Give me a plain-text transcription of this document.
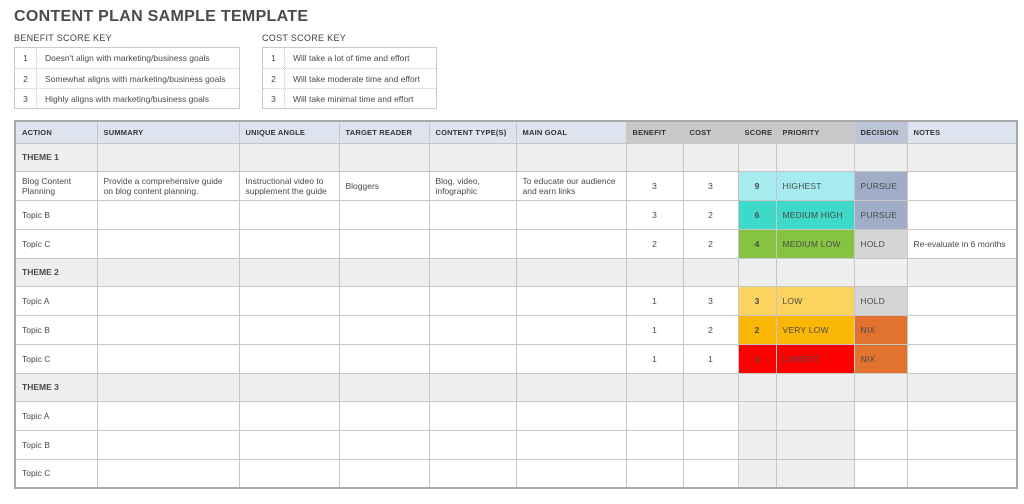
CONTENT PLAN SAMPLE TEMPLATE
BENEFIT SCORE KEY
1	Doesn't align with marketing/business goals
2	Somewhat aligns with marketing/business goals
3	Highly aligns with marketing/business goals
COST SCORE KEY
1	Will take a lot of time and effort
2	Will take moderate time and effort
3	Will take minimal time and effort
ACTION	SUMMARY	UNIQUE ANGLE	TARGET READER	CONTENT TYPE(S)	MAIN GOAL	BENEFIT	COST	SCORE	PRIORITY	DECISION	NOTES
THEME 1											
Blog Content Planning	Provide a comprehensive guide on blog content planning.	Instructional video to supplement the guide	Bloggers	Blog, video, infographic	To educate our audience and earn links	3	3	9	HIGHEST	PURSUE	
Topic B						3	2	6	MEDIUM HIGH	PURSUE	
Topic C						2	2	4	MEDIUM LOW	HOLD	Re-evaluate in 6 months
THEME 2											
Topic A						1	3	3	LOW	HOLD	
Topic B						1	2	2	VERY LOW	NIX	
Topic C						1	1	1	LOWEST	NIX	
THEME 3											
Topic A											
Topic B											
Topic C											
